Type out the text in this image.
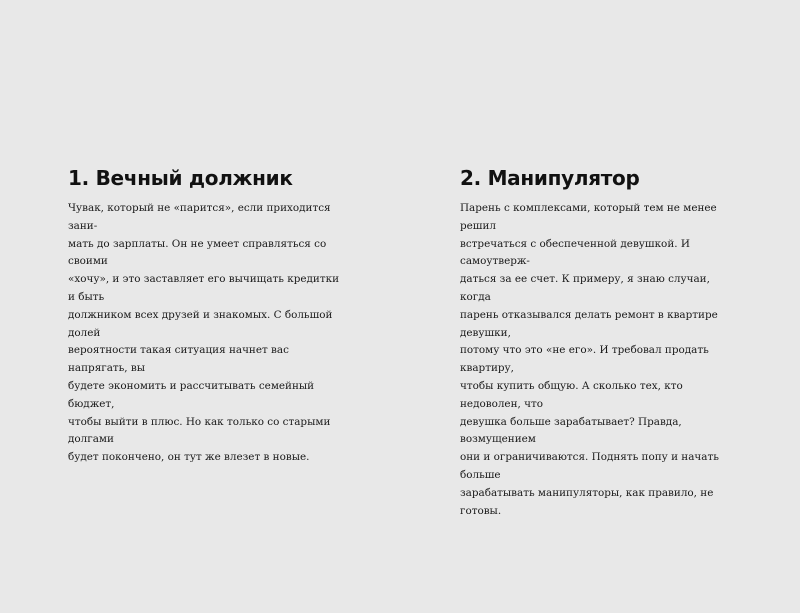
1. Вечный должник

Чувак, который не «парится», если приходится зани-
мать до зарплаты. Он не умеет справляться со своими
«хочу», и это заставляет его вычищать кредитки и быть
должником всех друзей и знакомых. С большой долей
вероятности такая ситуация начнет вас напрягать, вы
будете экономить и рассчитывать семейный бюджет,
чтобы выйти в плюс. Но как только со старыми долгами
будет покончено, он тут же влезет в новые.

2. Манипулятор

Парень с комплексами, который тем не менее решил
встречаться с обеспеченной девушкой. И самоутверж-
даться за ее счет. К примеру, я знаю случаи, когда
парень отказывался делать ремонт в квартире девушки,
потому что это «не его». И требовал продать квартиру,
чтобы купить общую. А сколько тех, кто недоволен, что
девушка больше зарабатывает? Правда, возмущением
они и ограничиваются. Поднять попу и начать больше
зарабатывать манипуляторы, как правило, не готовы.
